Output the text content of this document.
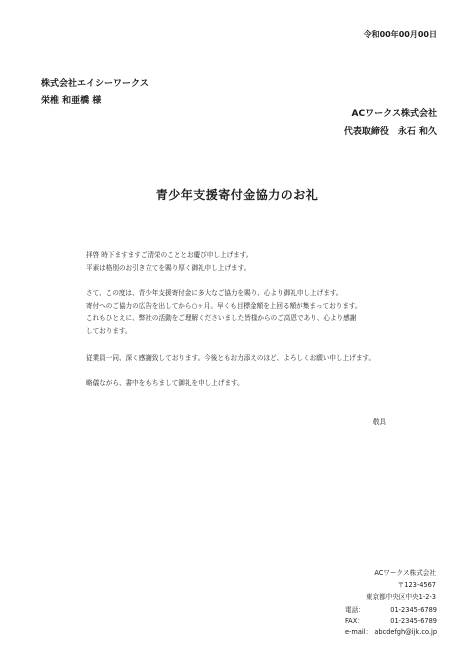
令和00年00月00日
株式会社エイシーワークス
栄椎 和亜橋 様
ACワークス株式会社
代表取締役　永石 和久
青少年支援寄付金協力のお礼
拝啓 時下ますますご清栄のこととお慶び申し上げます。
平素は格別のお引き立てを賜り厚く御礼申し上げます。
さて、この度は、青少年支援寄付金に多大なご協力を賜り、心より御礼申し上げます。
寄付へのご協力の広告を出してから○ヶ月。早くも目標金額を上回る額が集まっております。
これもひとえに、弊社の活動をご理解くださいました皆様からのご高恩であり、心より感謝
しております。
従業員一同、深く感謝致しております。今後ともお力添えのほど、よろしくお願い申し上げます。
略儀ながら、書中をもちまして御礼を申し上げます。
敬具
ACワークス株式会社
〒123-4567
東京都中央区中央1-2-3
電話：	01-2345-6789
FAX：	01-2345-6789
e-mail： abcdefgh@ijk.co.jp
